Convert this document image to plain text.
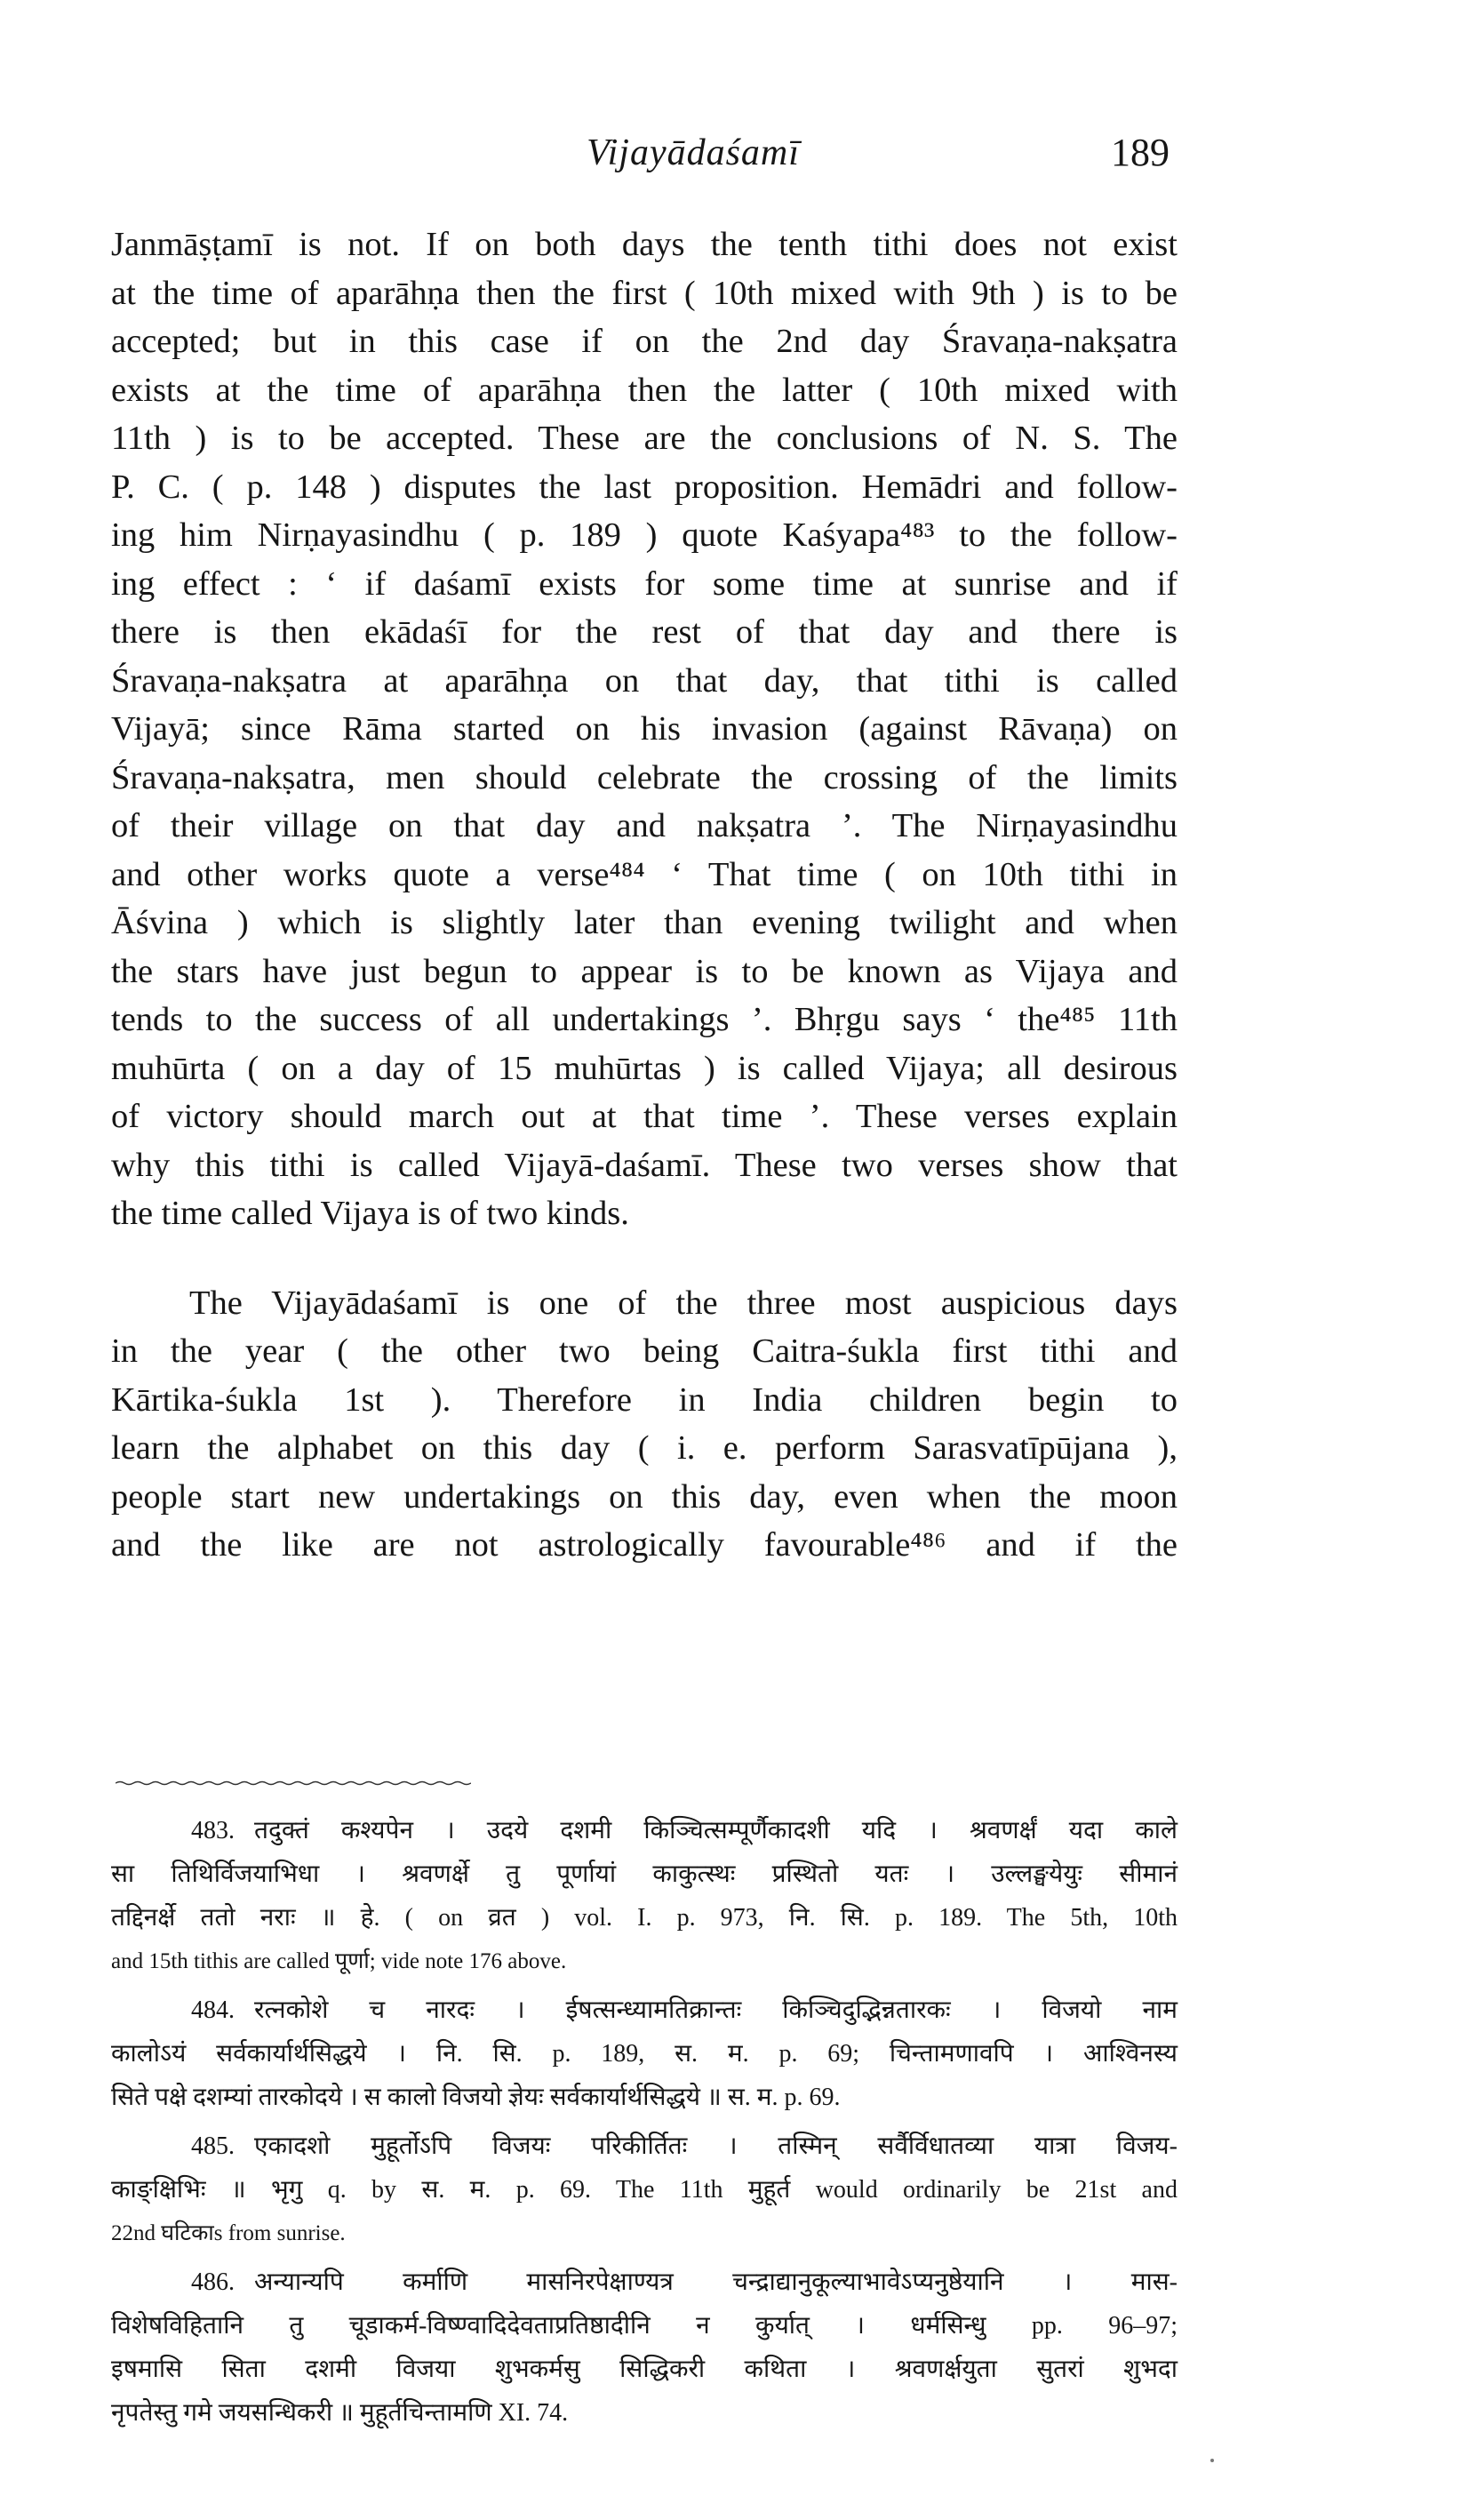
Vijayādaśamī	189
Janmāṣṭamī is not. If on both days the tenth tithi does not exist
at the time of aparāhṇa then the first ( 10th mixed with 9th ) is to be
accepted; but in this case if on the 2nd day Śravaṇa-nakṣatra
exists at the time of aparāhṇa then the latter ( 10th mixed with
11th ) is to be accepted. These are the conclusions of N. S. The
P. C. ( p. 148 ) disputes the last proposition. Hemādri and follow-
ing him Nirṇayasindhu ( p. 189 ) quote Kaśyapa⁴⁸³ to the follow-
ing effect : ‘ if daśamī exists for some time at sunrise and if
there is then ekādaśī for the rest of that day and there is
Śravaṇa-nakṣatra at aparāhṇa on that day, that tithi is called
Vijayā; since Rāma started on his invasion (against Rāvaṇa) on
Śravaṇa-nakṣatra, men should celebrate the crossing of the limits
of their village on that day and nakṣatra ’. The Nirṇayasindhu
and other works quote a verse⁴⁸⁴ ‘ That time ( on 10th tithi in
Āśvina ) which is slightly later than evening twilight and when
the stars have just begun to appear is to be known as Vijaya and
tends to the success of all undertakings ’. Bhṛgu says ‘ the⁴⁸⁵ 11th
muhūrta ( on a day of 15 muhūrtas ) is called Vijaya; all desirous
of victory should march out at that time ’. These verses explain
why this tithi is called Vijayā-daśamī. These two verses show that
the time called Vijaya is of two kinds.
The Vijayādaśamī is one of the three most auspicious days
in the year ( the other two being Caitra-śukla first tithi and
Kārtika-śukla 1st ). Therefore in India children begin to
learn the alphabet on this day ( i. e. perform Sarasvatīpūjana ),
people start new undertakings on this day, even when the moon
and the like are not astrologically favourable⁴⁸⁶ and if the
483. तदुक्तं कश्यपेन । उदये दशमी किञ्चित्सम्पूर्णैकादशी यदि । श्रवणर्क्षं यदा काले
सा तिथिर्विजयाभिधा । श्रवणर्क्षे तु पूर्णायां काकुत्स्थः प्रस्थितो यतः । उल्लङ्घयेयुः सीमानं
तद्दिनर्क्षे ततो नराः ॥ हे. ( on व्रत ) vol. I. p. 973, नि. सि. p. 189. The 5th, 10th
and 15th tithis are called पूर्णा; vide note 176 above.
484. रत्नकोशे च नारदः । ईषत्सन्ध्यामतिक्रान्तः किञ्चिदुद्भिन्नतारकः । विजयो नाम
कालोऽयं सर्वकार्यार्थसिद्धये । नि. सि. p. 189, स. म. p. 69; चिन्तामणावपि । आश्विनस्य
सिते पक्षे दशम्यां तारकोदये । स कालो विजयो ज्ञेयः सर्वकार्यार्थसिद्धये ॥ स. म. p. 69.
485. एकादशो मुहूर्तोऽपि विजयः परिकीर्तितः । तस्मिन् सर्वैर्विधातव्या यात्रा विजय-
काङ्क्षिभिः ॥ भृगु q. by स. म. p. 69. The 11th मुहूर्त would ordinarily be 21st and
22nd घटिकाs from sunrise.
486. अन्यान्यपि कर्माणि मासनिरपेक्षाण्यत्र चन्द्राद्यानुकूल्याभावेऽप्यनुष्ठेयानि । मास-
विशेषविहितानि तु चूडाकर्म-विष्ण्वादिदेवताप्रतिष्ठादीनि न कुर्यात् । धर्मसिन्धु pp. 96–97;
इषमासि सिता दशमी विजया शुभकर्मसु सिद्धिकरी कथिता । श्रवणर्क्षयुता सुतरां शुभदा
नृपतेस्तु गमे जयसन्धिकरी ॥ मुहूर्तचिन्तामणि XI. 74.
